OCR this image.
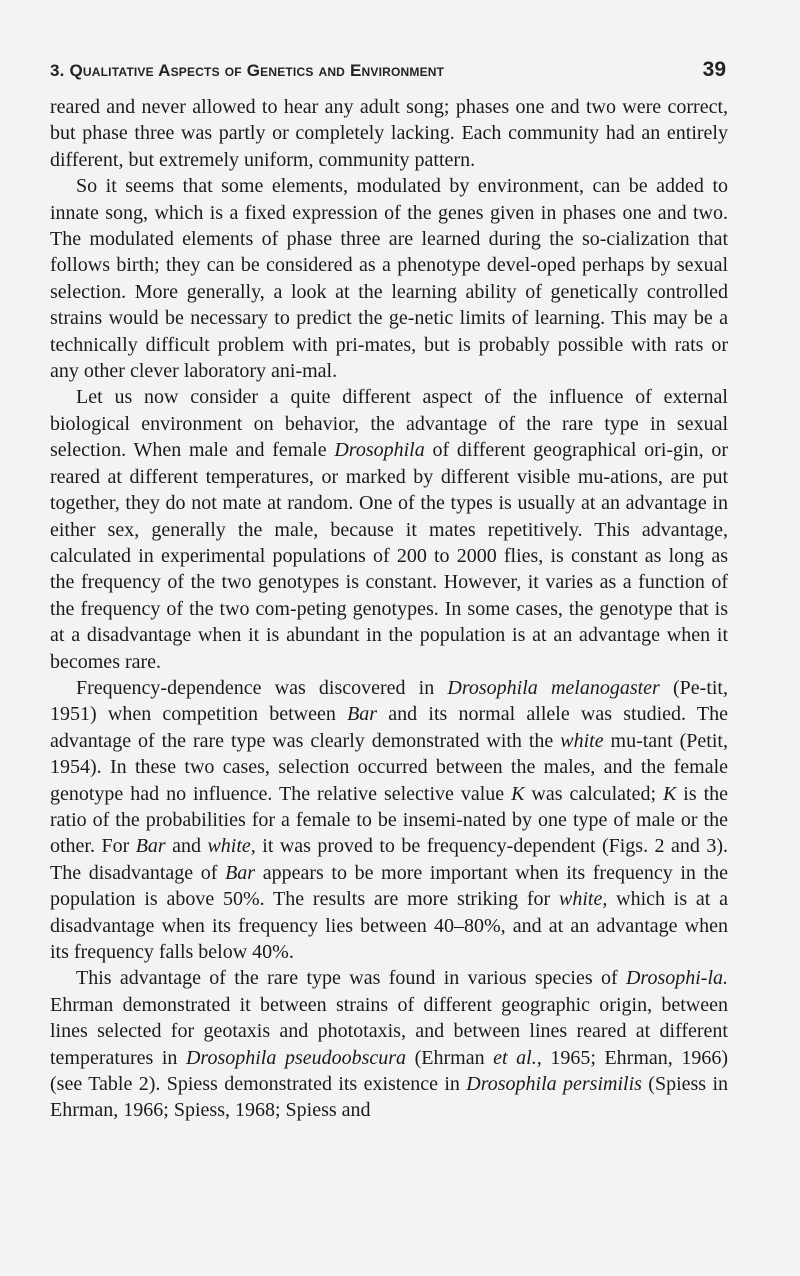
3. Qualitative Aspects of Genetics and Environment	39

reared and never allowed to hear any adult song; phases one and two were correct, but phase three was partly or completely lacking. Each community had an entirely different, but extremely uniform, community pattern.

So it seems that some elements, modulated by environment, can be added to innate song, which is a fixed expression of the genes given in phases one and two. The modulated elements of phase three are learned during the so-cialization that follows birth; they can be considered as a phenotype devel-oped perhaps by sexual selection. More generally, a look at the learning ability of genetically controlled strains would be necessary to predict the ge-netic limits of learning. This may be a technically difficult problem with pri-mates, but is probably possible with rats or any other clever laboratory ani-mal.

Let us now consider a quite different aspect of the influence of external biological environment on behavior, the advantage of the rare type in sexual selection. When male and female Drosophila of different geographical ori-gin, or reared at different temperatures, or marked by different visible mu-ations, are put together, they do not mate at random. One of the types is usually at an advantage in either sex, generally the male, because it mates repetitively. This advantage, calculated in experimental populations of 200 to 2000 flies, is constant as long as the frequency of the two genotypes is constant. However, it varies as a function of the frequency of the two com-peting genotypes. In some cases, the genotype that is at a disadvantage when it is abundant in the population is at an advantage when it becomes rare.

Frequency-dependence was discovered in Drosophila melanogaster (Pe-tit, 1951) when competition between Bar and its normal allele was studied. The advantage of the rare type was clearly demonstrated with the white mu-tant (Petit, 1954). In these two cases, selection occurred between the males, and the female genotype had no influence. The relative selective value K was calculated; K is the ratio of the probabilities for a female to be insemi-nated by one type of male or the other. For Bar and white, it was proved to be frequency-dependent (Figs. 2 and 3). The disadvantage of Bar appears to be more important when its frequency in the population is above 50%. The results are more striking for white, which is at a disadvantage when its frequency lies between 40–80%, and at an advantage when its frequency falls below 40%.

This advantage of the rare type was found in various species of Drosophi-la. Ehrman demonstrated it between strains of different geographic origin, between lines selected for geotaxis and phototaxis, and between lines reared at different temperatures in Drosophila pseudoobscura (Ehrman et al., 1965; Ehrman, 1966) (see Table 2). Spiess demonstrated its existence in Drosophila persimilis (Spiess in Ehrman, 1966; Spiess, 1968; Spiess and
